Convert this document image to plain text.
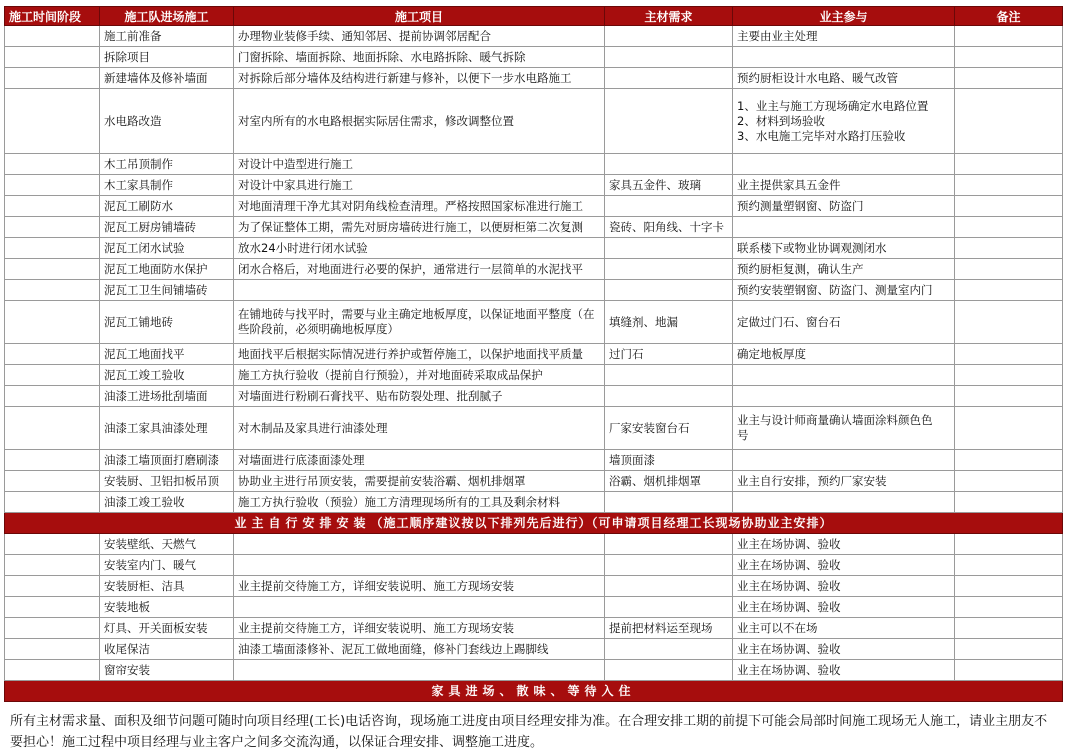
施工时间阶段	施工队进场施工	施工项目	主材需求	业主参与	备注
	施工前准备	办理物业装修手续、通知邻居、提前协调邻居配合		主要由业主处理	
	拆除项目	门窗拆除、墙面拆除、地面拆除、水电路拆除、暖气拆除			
	新建墙体及修补墙面	对拆除后部分墙体及结构进行新建与修补，以便下一步水电路施工		预约厨柜设计水电路、暖气改管	
	水电路改造	对室内所有的水电路根据实际居住需求，修改调整位置		1、业主与施工方现场确定水电路位置
2、材料到场验收
3、水电施工完毕对水路打压验收	

	木工吊顶制作	对设计中造型进行施工			
	木工家具制作	对设计中家具进行施工	家具五金件、玻璃	业主提供家具五金件	
	泥瓦工刷防水	对地面清理干净尤其对阴角线检查清理。严格按照国家标准进行施工		预约测量塑钢窗、防盗门	
	泥瓦工厨房铺墙砖	为了保证整体工期，需先对厨房墙砖进行施工，以便厨柜第二次复测	瓷砖、阳角线、十字卡		
	泥瓦工闭水试验	放水24小时进行闭水试验		联系楼下或物业协调观测闭水	
	泥瓦工地面防水保护	闭水合格后，对地面进行必要的保护，通常进行一层简单的水泥找平		预约厨柜复测，确认生产	
	泥瓦工卫生间铺墙砖			预约安装塑钢窗、防盗门、测量室内门	
	泥瓦工铺地砖	在铺地砖与找平时，需要与业主确定地板厚度，以保证地面平整度（在
些阶段前，必须明确地板厚度）	填缝剂、地漏	定做过门石、窗台石	
	泥瓦工地面找平	地面找平后根据实际情况进行养护或暂停施工，以保护地面找平质量	过门石	确定地板厚度	
	泥瓦工竣工验收	施工方执行验收（提前自行预验），并对地面砖采取成品保护			
	油漆工进场批刮墙面	对墙面进行粉刷石膏找平、贴布防裂处理、批刮腻子			
	油漆工家具油漆处理	对木制品及家具进行油漆处理	厂家安装窗台石	业主与设计师商量确认墙面涂料颜色色
号	

	油漆工墙顶面打磨刷漆	对墙面进行底漆面漆处理	墙顶面漆		
	安装厨、卫铝扣板吊顶	协助业主进行吊顶安装，需要提前安装浴霸、烟机排烟罩	浴霸、烟机排烟罩	业主自行安排，预约厂家安装	
	油漆工竣工验收	施工方执行验收（预验）施工方清理现场所有的工具及剩余材料			
业主自行安排安装（施工顺序建议按以下排列先后进行）（可申请项目经理工长现场协助业主安排）					
	安装壁纸、天燃气			业主在场协调、验收	
	安装室内门、暖气			业主在场协调、验收	
	安装厨柜、洁具	业主提前交待施工方，详细安装说明、施工方现场安装		业主在场协调、验收	
	安装地板			业主在场协调、验收	
	灯具、开关面板安装	业主提前交待施工方，详细安装说明、施工方现场安装	提前把材料运至现场	业主可以不在场	
	收尾保洁	油漆工墙面漆修补、泥瓦工做地面缝，修补门套线边上踢脚线		业主在场协调、验收	
	窗帘安装			业主在场协调、验收	
家具进场、散味、等待入住					
所有主材需求量、面积及细节问题可随时向项目经理(工长)电话咨询，现场施工进度由项目经理安排为准。在合理安排工期的前提下可能会局部时间施工现场无人施工，请业主朋友不要担心！施工过程中项目经理与业主客户之间多交流沟通，以保证合理安排、调整施工进度。
